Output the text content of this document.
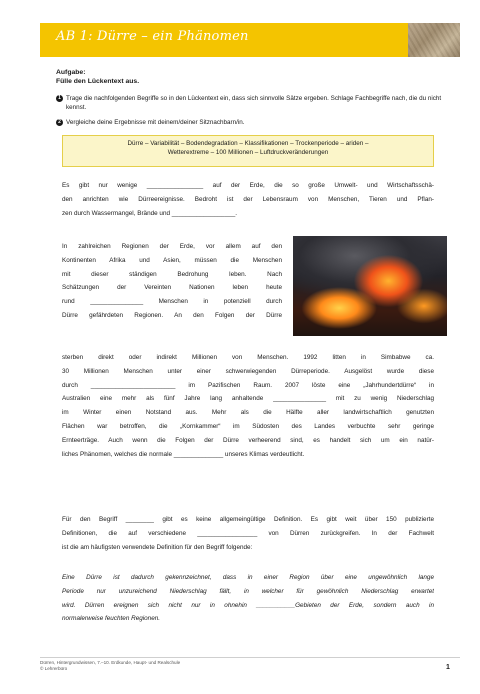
AB 1: Dürre – ein Phänomen
Aufgabe:
Fülle den Lückentext aus.
1 Trage die nachfolgenden Begriffe so in den Lückentext ein, dass sich sinnvolle Sätze ergeben. Schlage Fachbegriffe nach, die du nicht kennst.
2 Vergleiche deine Ergebnisse mit deinem/deiner Sitznachbarn/in.
Dürre – Variabilität – Bodendegradation – Klassifikationen – Trockenperiode – ariden –
Wetterextreme – 100 Millionen – Luftdruckveränderungen
Es gibt nur wenige ________________ auf der Erde, die so große Umwelt- und Wirtschaftsschä-
den anrichten wie Dürreereignisse. Bedroht ist der Lebensraum von Menschen, Tieren und Pflan-
zen durch Wassermangel, Brände und __________________.
In zahlreichen Regionen der Erde, vor allem auf den
Kontinenten Afrika und Asien, müssen die Menschen
mit dieser ständigen Bedrohung leben. Nach
Schätzungen der Vereinten Nationen leben heute
rund _______________ Menschen in potenziell durch
Dürre gefährdeten Regionen. An den Folgen der Dürre
sterben direkt oder indirekt Millionen von Menschen. 1992 litten in Simbabwe ca.
30 Millionen Menschen unter einer schwerwiegenden Dürreperiode. Ausgelöst wurde diese
durch ________________________ im Pazifischen Raum. 2007 löste eine „Jahrhundertdürre“ in
Australien eine mehr als fünf Jahre lang anhaltende _______________ mit zu wenig Niederschlag
im Winter einen Notstand aus. Mehr als die Hälfte aller landwirtschaftlich genutzten
Flächen war betroffen, die „Kornkammer“ im Südosten des Landes verbuchte sehr geringe
Ernteerträge. Auch wenn die Folgen der Dürre verheerend sind, es handelt sich um ein natür-
liches Phänomen, welches die normale ______________ unseres Klimas verdeutlicht.
Für den Begriff ________ gibt es keine allgemeingültige Definition. Es gibt weit über 150 publizierte
Definitionen, die auf verschiedene _________________ von Dürren zurückgreifen. In der Fachwelt
ist die am häufigsten verwendete Definition für den Begriff folgende:
Eine Dürre ist dadurch gekennzeichnet, dass in einer Region über eine ungewöhnlich lange
Periode nur unzureichend Niederschlag fällt, in welcher für gewöhnlich Niederschlag erwartet
wird. Dürren ereignen sich nicht nur in ohnehin ___________Gebieten der Erde, sondern auch in
normalerweise feuchten Regionen.
Dürren, Hintergrundwissen, 7.–10. Erdkunde, Haupt- und Realschule
© Lehrerbüro	1
